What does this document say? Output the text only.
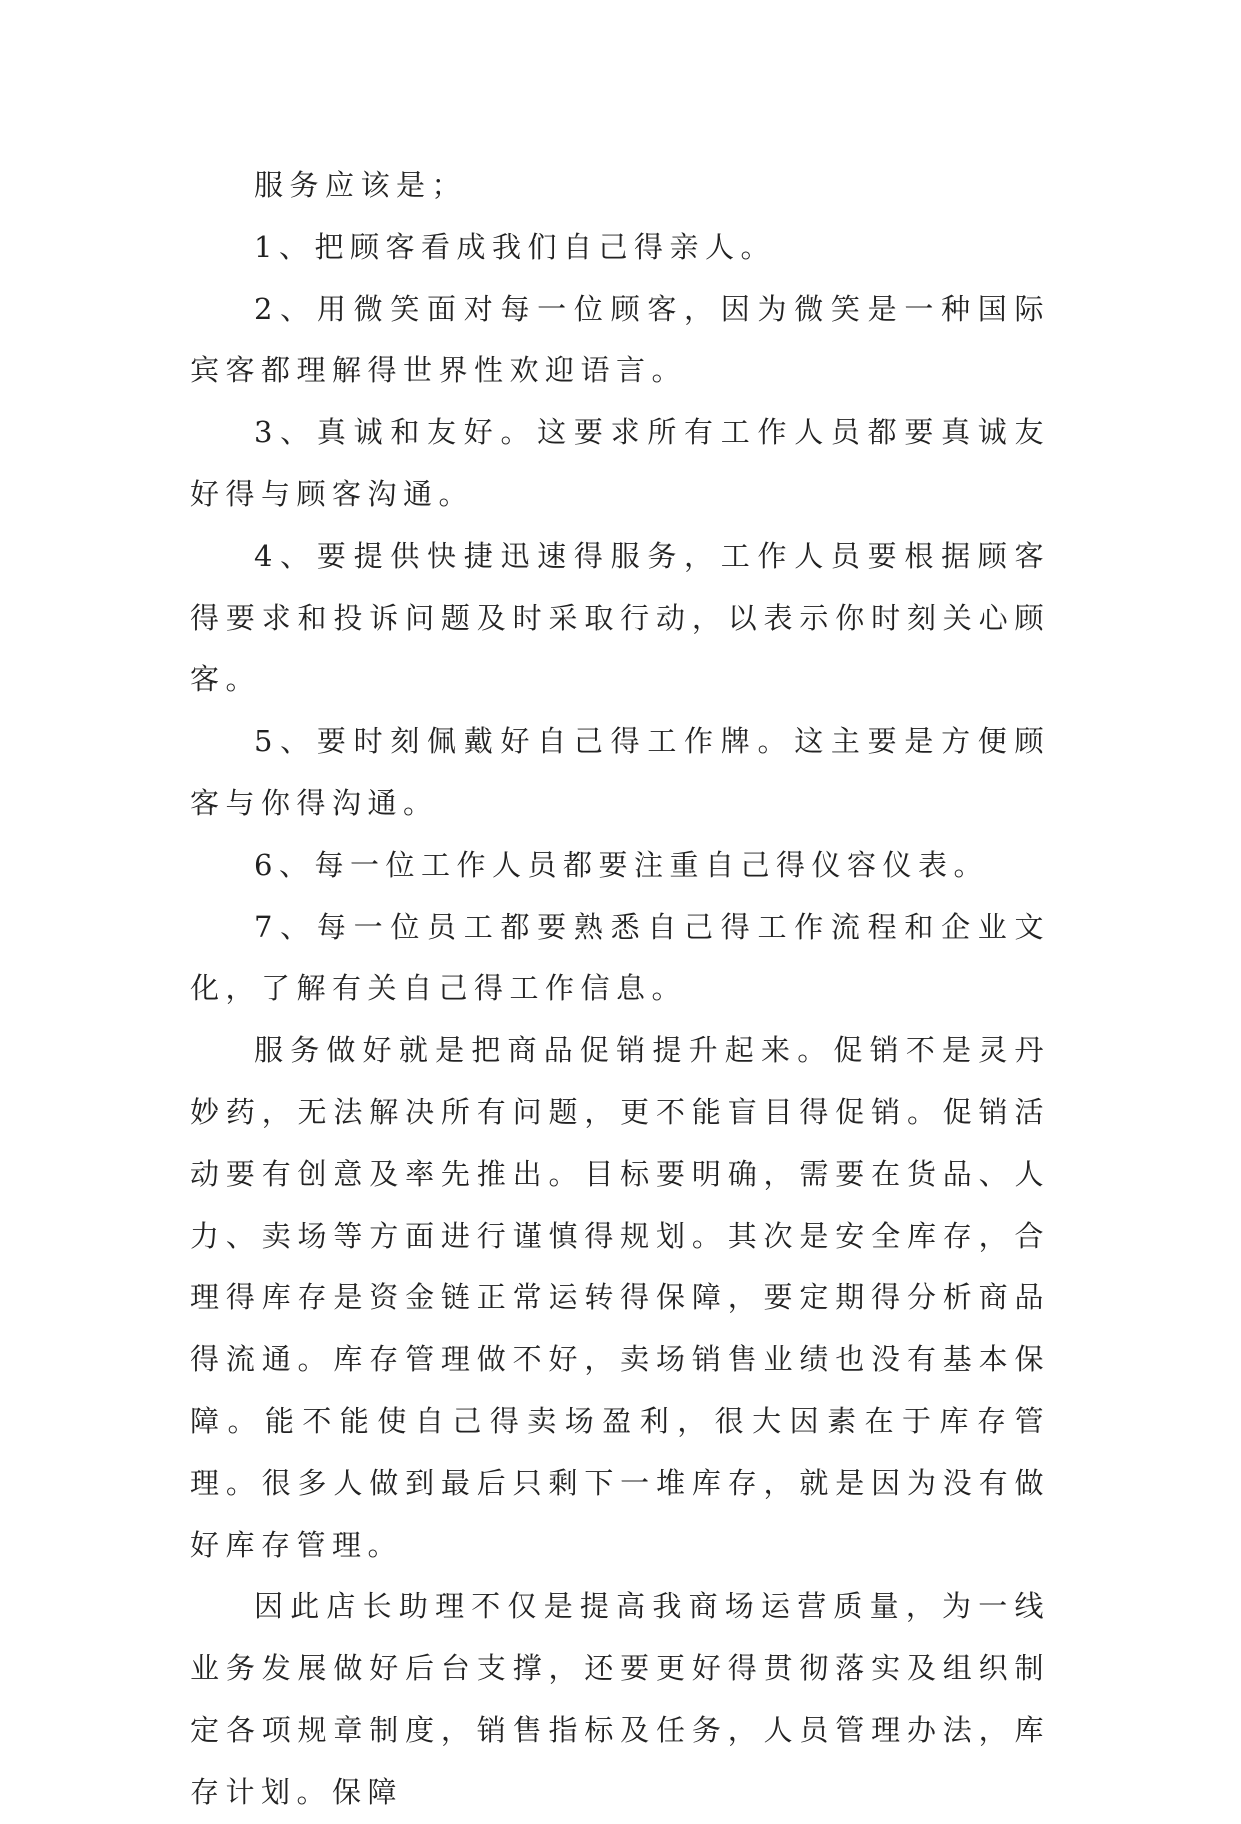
服务应该是；

1、把顾客看成我们自己得亲人。

2、用微笑面对每一位顾客，因为微笑是一种国际宾客都理解得世界性欢迎语言。

3、真诚和友好。这要求所有工作人员都要真诚友好得与顾客沟通。

4、要提供快捷迅速得服务，工作人员要根据顾客得要求和投诉问题及时采取行动，以表示你时刻关心顾客。

5、要时刻佩戴好自己得工作牌。这主要是方便顾客与你得沟通。

6、每一位工作人员都要注重自己得仪容仪表。

7、每一位员工都要熟悉自己得工作流程和企业文化，了解有关自己得工作信息。

服务做好就是把商品促销提升起来。促销不是灵丹妙药，无法解决所有问题，更不能盲目得促销。促销活动要有创意及率先推出。目标要明确，需要在货品、人力、卖场等方面进行谨慎得规划。其次是安全库存，合理得库存是资金链正常运转得保障，要定期得分析商品得流通。库存管理做不好，卖场销售业绩也没有基本保障。能不能使自己得卖场盈利，很大因素在于库存管理。很多人做到最后只剩下一堆库存，就是因为没有做好库存管理。

因此店长助理不仅是提高我商场运营质量，为一线业务发展做好后台支撑，还要更好得贯彻落实及组织制定各项规章制度，销售指标及任务，人员管理办法，库存计划。保障
